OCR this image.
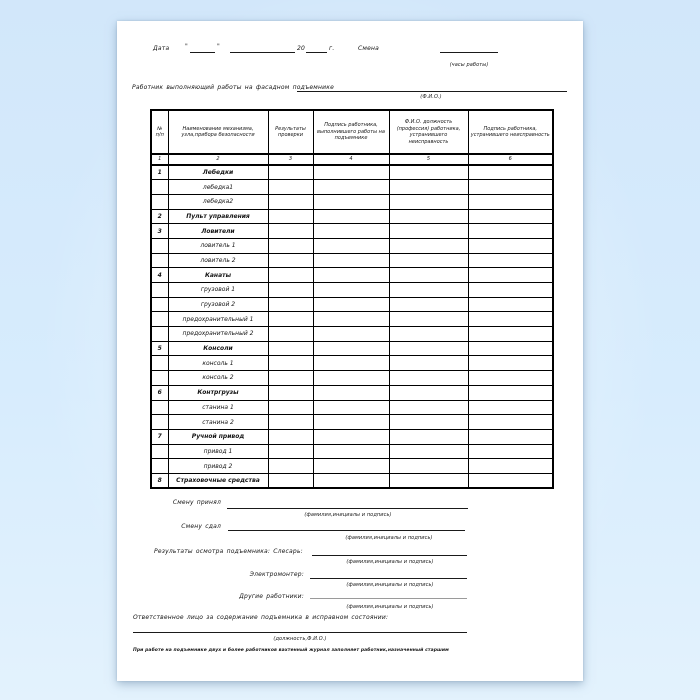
Дата	"	"	20	г.	Смена
(часы работы)
Работник выполняющий работы на фасадном подъемнике
(Ф.И.О.)
№ п/п	Наименование механизма, узла,прибора безопасности	Результаты проверки	Подпись работника, выполнившего работы на подъемнике	Ф.И.О. должность (профессия) работника, устранившего неисправность	Подпись работника, устранившего неисправность
1	2	3	4	5	6
1	Лебедки				
	лебедка1				
	лебедка2				
2	Пульт управления				
3	Ловители				
	ловитель 1				
	ловитель 2				
4	Канаты				
	грузовой 1				
	грузовой 2				
	предохранительный 1				
	предохранительный 2				
5	Консоли				
	консоль 1				
	консоль 2				
6	Контргрузы				
	станина 1				
	станина 2				
7	Ручной привод				
	привод 1				
	привод 2				
8	Страховочные средства				
Смену принял
(фамилия,инициалы и подпись)
Смену сдал
(фамилия,инициалы и подпись)
Результаты осмотра подъемника: Слесарь:
(фамилия,инициалы и подпись)
Электромонтер:
(фамилия,инициалы и подпись)
Другие работники:
(фамилия,инициалы и подпись)
Ответственное лицо за содержание подъемника в исправном состоянии:
(должность,Ф.И.О.)
При работе на подъемнике двух и более работников вахтенный журнал заполняет работник,назначенный старшим
